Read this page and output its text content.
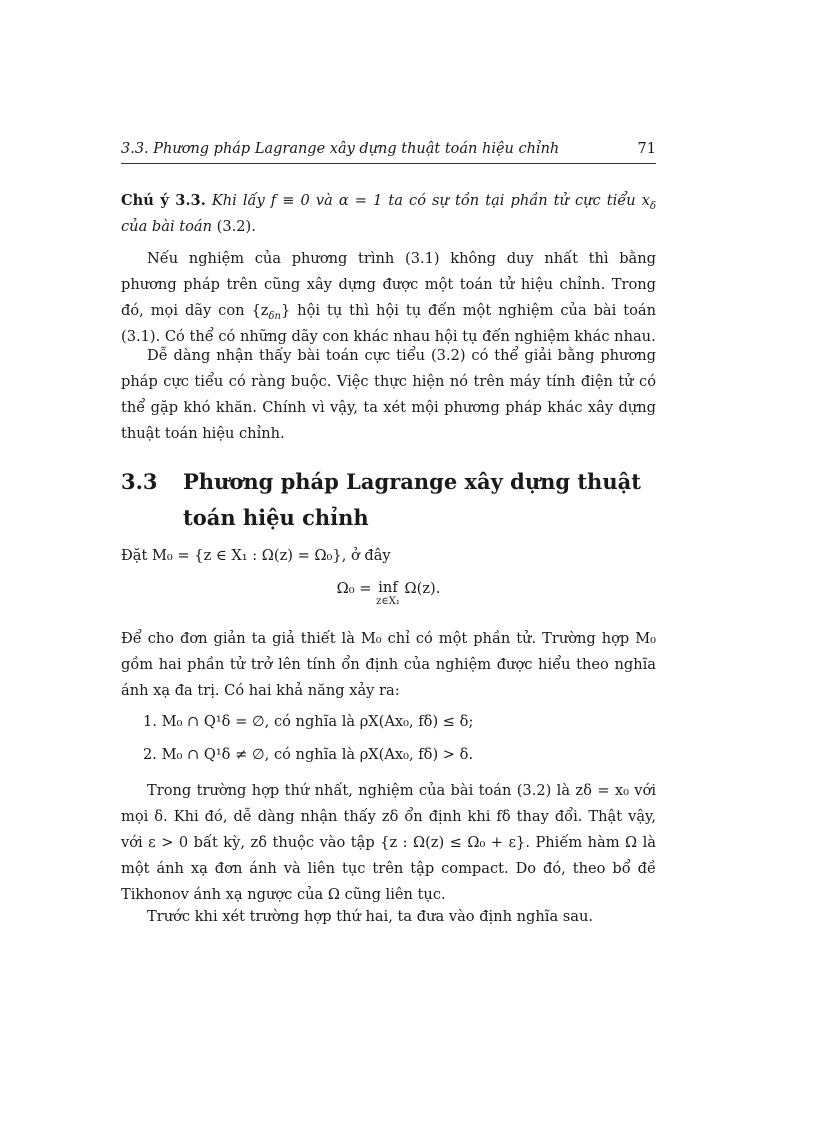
3.3. Phương pháp Lagrange xây dựng thuật toán hiệu chỉnh	71

Chú ý 3.3. Khi lấy f ≡ 0 và α = 1 ta có sự tồn tại phần tử cực tiểu $x_\delta$ của bài toán (3.2).

Nếu nghiệm của phương trình (3.1) không duy nhất thì bằng phương pháp trên cũng xây dựng được một toán tử hiệu chỉnh. Trong đó, mọi dãy con $\{z_{\delta n}\}$ hội tụ thì hội tụ đến một nghiệm của bài toán (3.1). Có thể có những dãy con khác nhau hội tụ đến nghiệm khác nhau.

Dễ dàng nhận thấy bài toán cực tiểu (3.2) có thể giải bằng phương pháp cực tiểu có ràng buộc. Việc thực hiện nó trên máy tính điện tử có thể gặp khó khăn. Chính vì vậy, ta xét mội phương pháp khác xây dựng thuật toán hiệu chỉnh.

3.3 Phương pháp Lagrange xây dựng thuật toán hiệu chỉnh

Đặt M₀ = {z ∈ X₁ : Ω(z) = Ω₀}, ở đây

Ω₀ = inf
z∈X₁
Ω(z).

Để cho đơn giản ta giả thiết là M₀ chỉ có một phần tử. Trường hợp M₀ gồm hai phần tử trở lên tính ổn định của nghiệm được hiểu theo nghĩa ánh xạ đa trị. Có hai khả năng xảy ra:

1. M₀ ∩ Q¹δ = ∅, có nghĩa là ρX(Ax₀, fδ) ≤ δ;

2. M₀ ∩ Q¹δ ≠ ∅, có nghĩa là ρX(Ax₀, fδ) > δ.

Trong trường hợp thứ nhất, nghiệm của bài toán (3.2) là zδ = x₀ với mọi δ. Khi đó, dễ dàng nhận thấy zδ ổn định khi fδ thay đổi. Thật vậy, với ε > 0 bất kỳ, zδ thuộc vào tập {z : Ω(z) ≤ Ω₀ + ε}. Phiếm hàm Ω là một ánh xạ đơn ánh và liên tục trên tập compact. Do đó, theo bổ đề Tikhonov ánh xạ ngược của Ω cũng liên tục.

Trước khi xét trường hợp thứ hai, ta đưa vào định nghĩa sau.
